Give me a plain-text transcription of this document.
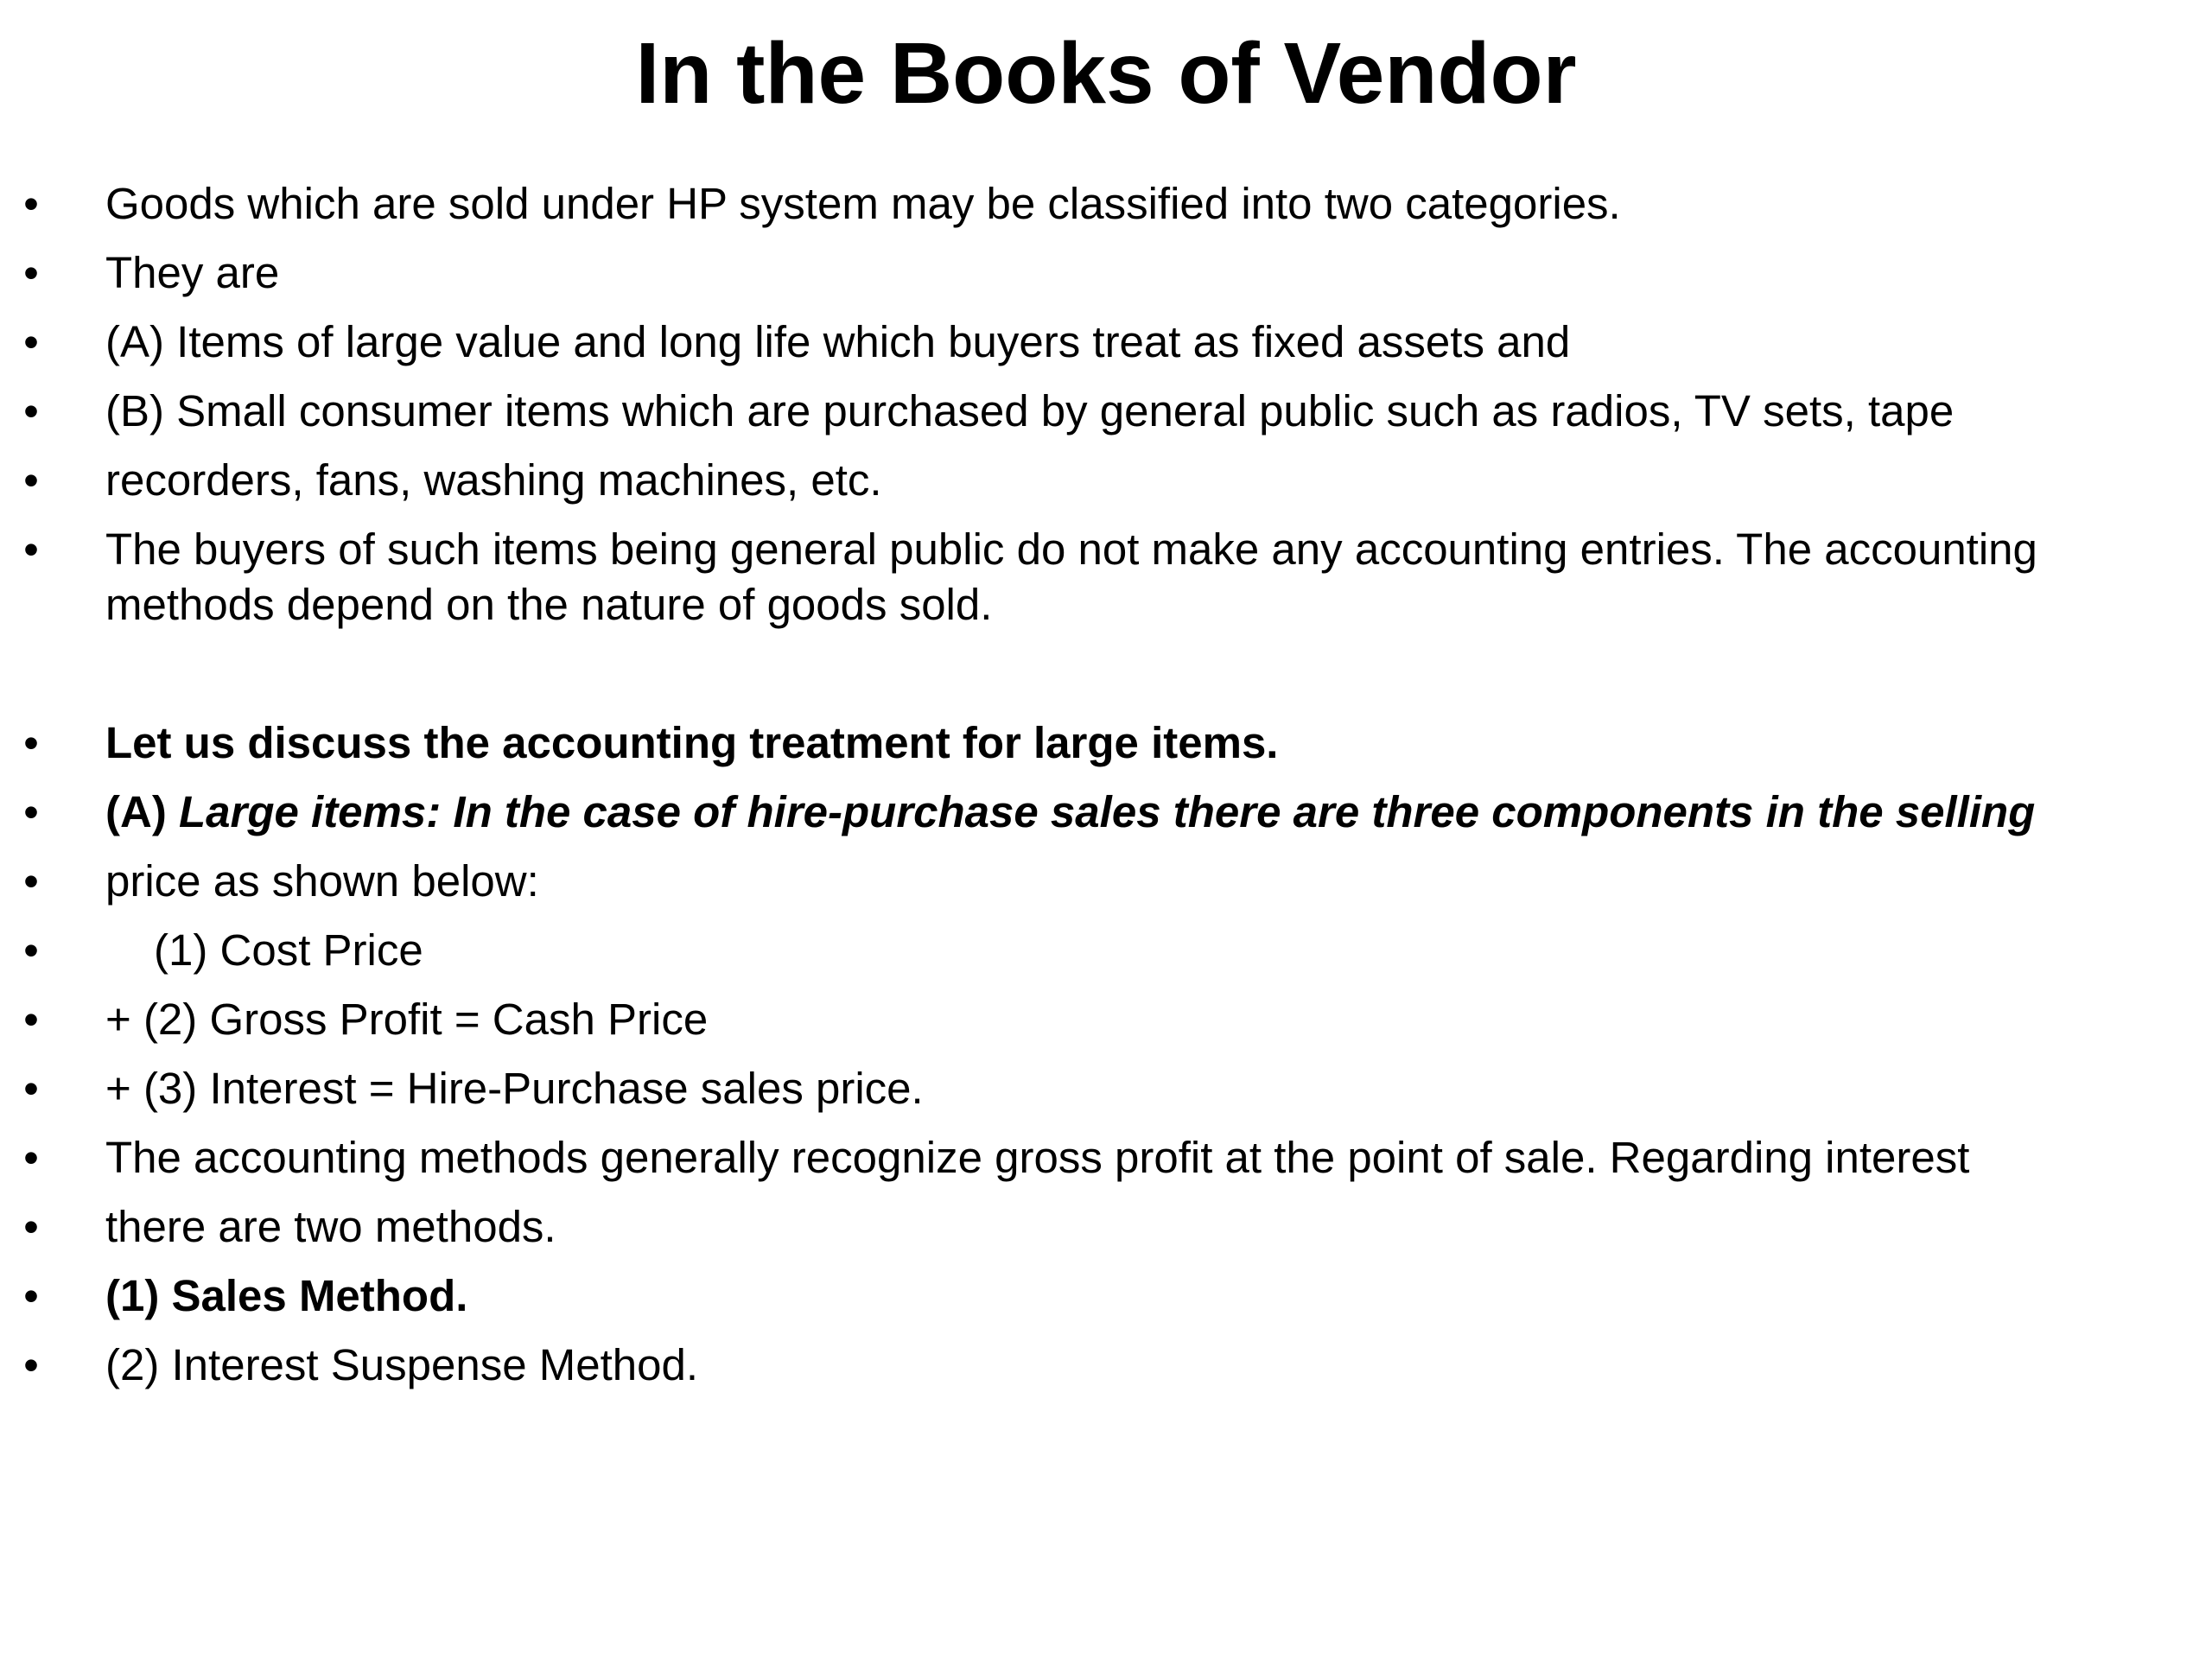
In the Books of Vendor
• Goods which are sold under HP system may be classified into two categories.
• They are
• (A) Items of large value and long life which buyers treat as fixed assets and
• (B) Small consumer items which are purchased by general public such as radios, TV sets, tape
• recorders, fans, washing machines, etc.
• The buyers of such items being general public do not make any accounting entries. The accounting methods depend on the nature of goods sold.
• Let us discuss the accounting treatment for large items.
• (A) Large items: In the case of hire-purchase sales there are three components in the selling
• price as shown below:
•	(1) Cost Price
• + (2) Gross Profit = Cash Price
• + (3) Interest = Hire-Purchase sales price.
• The accounting methods generally recognize gross profit at the point of sale. Regarding interest
• there are two methods.
• (1) Sales Method.
• (2) Interest Suspense Method.
